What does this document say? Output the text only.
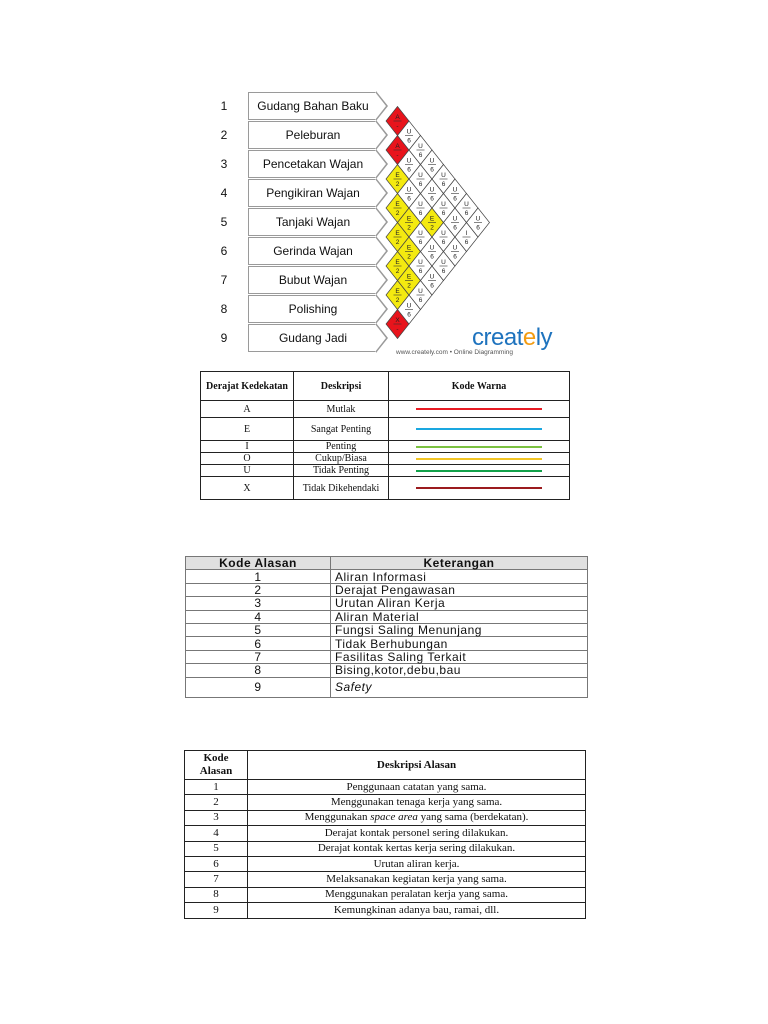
1	Gudang Bahan Baku
2	Peleburan
3	Pencetakan Wajan
4	Pengikiran Wajan
5	Tanjaki Wajan
6	Gerinda Wajan
7	Bubut Wajan
8	Polishing
9	Gudang Jadi
A
-
A
-
E
2
E
2
E
2
E
2
E
2
X
-
U
6
U
6
U
6
E
2
E
2
E
2
U
6
U
6
U
6
U
6
U
6
U
6
U
6
U
6
U
6
E
2
U
6
U
6
U
6
U
6
U
6
U
6
U
6
U
6
U
6
U
6
I
6
U
6
creately
www.creately.com • Online Diagramming
Derajat Kedekatan	Deskripsi	Kode Warna
A	Mutlak	
E	Sangat Penting	
I	Penting	
O	Cukup/Biasa	
U	Tidak Penting	
X	Tidak Dikehendaki	
Kode Alasan	Keterangan
1	Aliran Informasi
2	Derajat Pengawasan
3	Urutan Aliran Kerja
4	Aliran Material
5	Fungsi Saling Menunjang
6	Tidak Berhubungan
7	Fasilitas Saling Terkait
8	Bising,kotor,debu,bau
9	Safety
Kode Alasan	Deskripsi Alasan
1	Penggunaan catatan yang sama.
2	Menggunakan tenaga kerja yang sama.
3	Menggunakan space area yang sama (berdekatan).
4	Derajat kontak personel sering dilakukan.
5	Derajat kontak kertas kerja sering dilakukan.
6	Urutan aliran kerja.
7	Melaksanakan kegiatan kerja yang sama.
8	Menggunakan peralatan kerja yang sama.
9	Kemungkinan adanya bau, ramai, dll.
